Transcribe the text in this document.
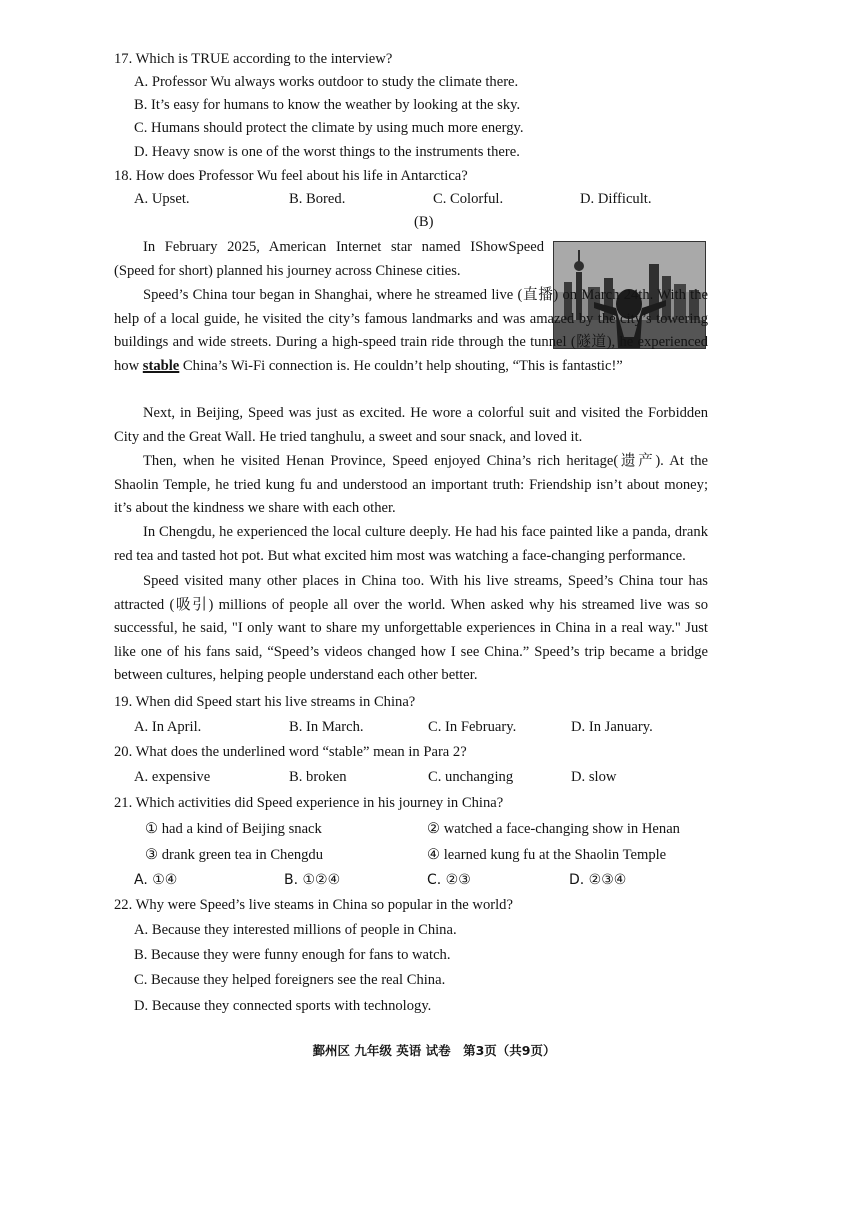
17. Which is TRUE according to the interview?
A. Professor Wu always works outdoor to study the climate there.
B. It’s easy for humans to know the weather by looking at the sky.
C. Humans should protect the climate by using much more energy.
D. Heavy snow is one of the worst things to the instruments there.
18. How does Professor Wu feel about his life in Antarctica?
A. Upset.	B. Bored.	C. Colorful.	D. Difficult.
(B)
In February 2025, American Internet star named IShowSpeed (Speed for short) planned his journey across Chinese cities.
Speed’s China tour began in Shanghai, where he streamed live (直播) on March 24th. With the help of a local guide, he visited the city’s famous landmarks and was amazed by the city’s towering buildings and wide streets. During a high-speed train ride through the tunnel (隧道), he experienced how stable China’s Wi-Fi connection is. He couldn’t help shouting, “This is fantastic!”
Next, in Beijing, Speed was just as excited. He wore a colorful suit and visited the Forbidden City and the Great Wall. He tried tanghulu, a sweet and sour snack, and loved it.
Then, when he visited Henan Province, Speed enjoyed China’s rich heritage(遗产). At the Shaolin Temple, he tried kung fu and understood an important truth: Friendship isn’t about money; it’s about the kindness we share with each other.
In Chengdu, he experienced the local culture deeply. He had his face painted like a panda, drank red tea and tasted hot pot. But what excited him most was watching a face-changing performance.
Speed visited many other places in China too. With his live streams, Speed’s China tour has attracted (吸引) millions of people all over the world. When asked why his streamed live was so successful, he said, "I only want to share my unforgettable experiences in China in a real way." Just like one of his fans said, “Speed’s videos changed how I see China.” Speed’s trip became a bridge between cultures, helping people understand each other better.
19. When did Speed start his live streams in China?
A. In April.	B. In March.	C. In February.	D. In January.
20. What does the underlined word “stable” mean in Para 2?
A. expensive	B. broken	C. unchanging	D. slow
21. Which activities did Speed experience in his journey in China?
① had a kind of Beijing snack	② watched a face-changing show in Henan
③ drank green tea in Chengdu	④ learned kung fu at the Shaolin Temple
A. ①④	B. ①②④	C. ②③	D. ②③④
22. Why were Speed’s live steams in China so popular in the world?
A. Because they interested millions of people in China.
B. Because they were funny enough for fans to watch.
C. Because they helped foreigners see the real China.
D. Because they connected sports with technology.
鄞州区 九年级 英语 试卷　第3页（共9页）
